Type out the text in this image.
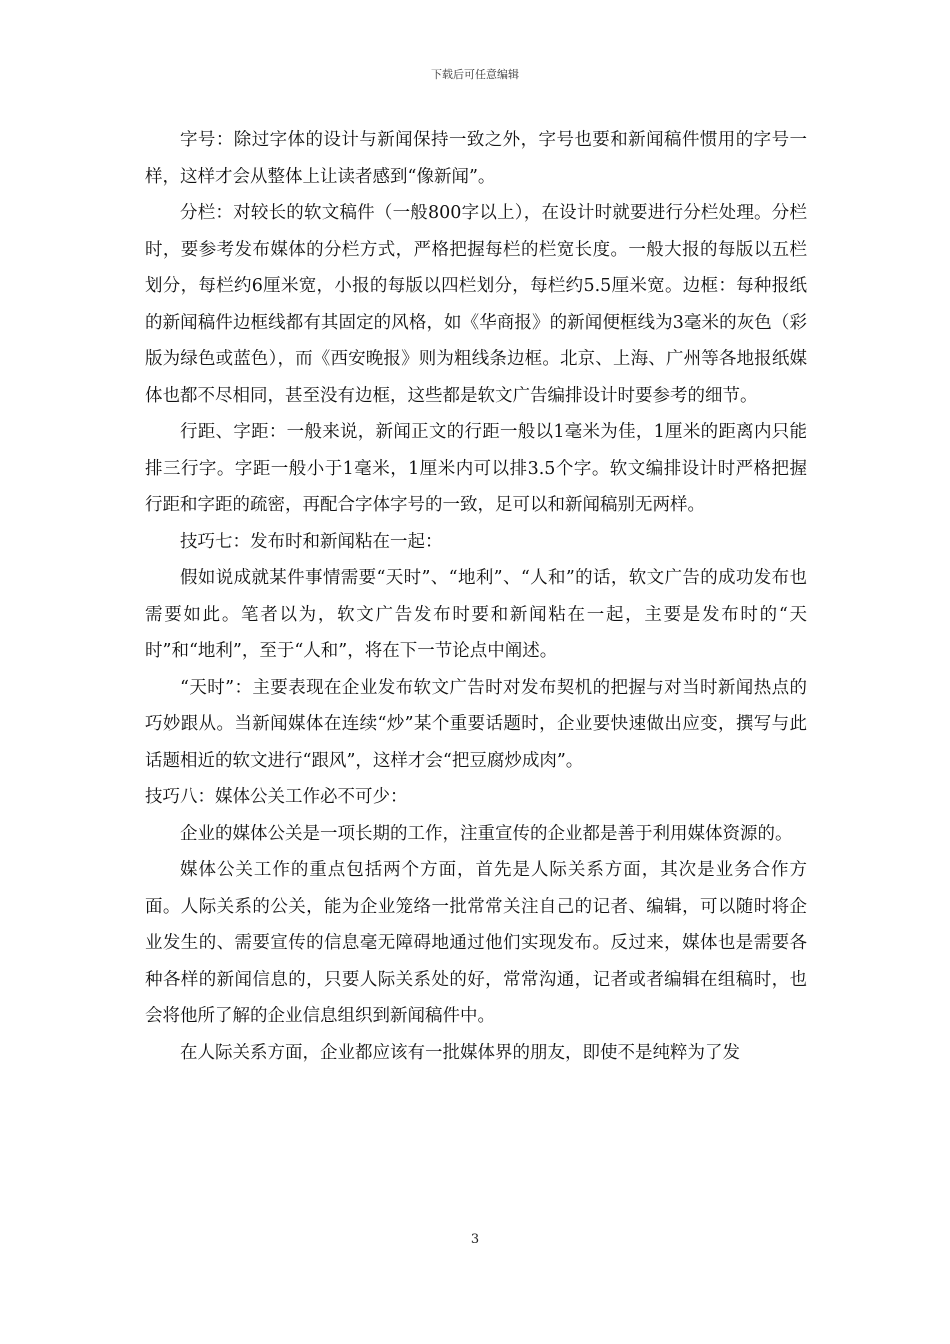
下载后可任意编辑

字号：除过字体的设计与新闻保持一致之外，字号也要和新闻稿件惯用的字号一样，这样才会从整体上让读者感到“像新闻”。

分栏：对较长的软文稿件（一般800字以上），在设计时就要进行分栏处理。分栏时，要参考发布媒体的分栏方式，严格把握每栏的栏宽长度。一般大报的每版以五栏划分，每栏约6厘米宽，小报的每版以四栏划分，每栏约5.5厘米宽。边框：每种报纸的新闻稿件边框线都有其固定的风格，如《华商报》的新闻便框线为3毫米的灰色（彩版为绿色或蓝色），而《西安晚报》则为粗线条边框。北京、上海、广州等各地报纸媒体也都不尽相同，甚至没有边框，这些都是软文广告编排设计时要参考的细节。

行距、字距：一般来说，新闻正文的行距一般以1毫米为佳，1厘米的距离内只能排三行字。字距一般小于1毫米，1厘米内可以排3.5个字。软文编排设计时严格把握行距和字距的疏密，再配合字体字号的一致，足可以和新闻稿别无两样。

技巧七：发布时和新闻粘在一起：

假如说成就某件事情需要“天时”、“地利”、“人和”的话，软文广告的成功发布也需要如此。笔者以为，软文广告发布时要和新闻粘在一起，主要是发布时的“天时”和“地利”，至于“人和”，将在下一节论点中阐述。

“天时”：主要表现在企业发布软文广告时对发布契机的把握与对当时新闻热点的巧妙跟从。当新闻媒体在连续“炒”某个重要话题时，企业要快速做出应变，撰写与此话题相近的软文进行“跟风”，这样才会“把豆腐炒成肉”。

技巧八：媒体公关工作必不可少：

企业的媒体公关是一项长期的工作，注重宣传的企业都是善于利用媒体资源的。

媒体公关工作的重点包括两个方面，首先是人际关系方面，其次是业务合作方面。人际关系的公关，能为企业笼络一批常常关注自己的记者、编辑，可以随时将企业发生的、需要宣传的信息毫无障碍地通过他们实现发布。反过来，媒体也是需要各种各样的新闻信息的，只要人际关系处的好，常常沟通，记者或者编辑在组稿时，也会将他所了解的企业信息组织到新闻稿件中。

在人际关系方面，企业都应该有一批媒体界的朋友，即使不是纯粹为了发

3
